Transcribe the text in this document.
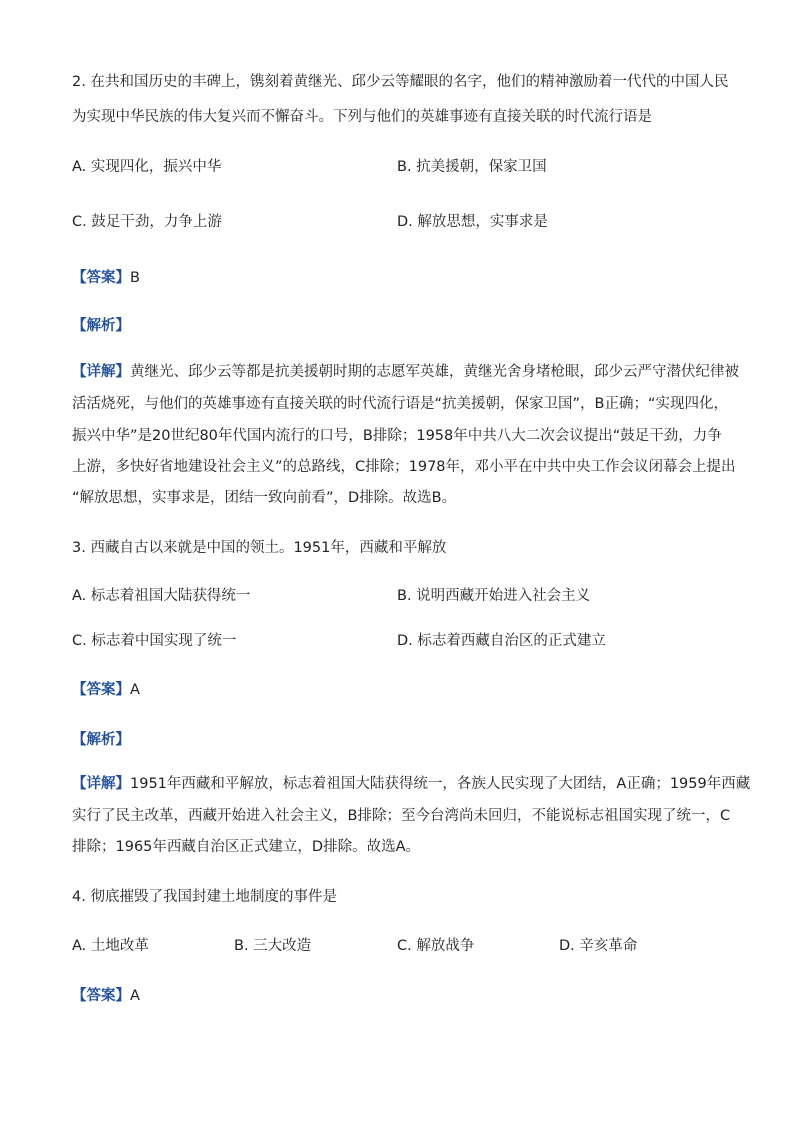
2. 在共和国历史的丰碑上，镌刻着黄继光、邱少云等耀眼的名字，他们的精神激励着一代代的中国人民
为实现中华民族的伟大复兴而不懈奋斗。下列与他们的英雄事迹有直接关联的时代流行语是
A. 实现四化，振兴中华	B. 抗美援朝，保家卫国
C. 鼓足干劲，力争上游	D. 解放思想，实事求是
【答案】B
【解析】
【详解】黄继光、邱少云等都是抗美援朝时期的志愿军英雄，黄继光舍身堵枪眼，邱少云严守潜伏纪律被
活活烧死，与他们的英雄事迹有直接关联的时代流行语是“抗美援朝，保家卫国”，B正确；“实现四化，
振兴中华”是20世纪80年代国内流行的口号，B排除；1958年中共八大二次会议提出“鼓足干劲，力争
上游，多快好省地建设社会主义”的总路线，C排除；1978年，邓小平在中共中央工作会议闭幕会上提出
“解放思想，实事求是，团结一致向前看”，D排除。故选B。
3. 西藏自古以来就是中国的领土。1951年，西藏和平解放
A. 标志着祖国大陆获得统一	B. 说明西藏开始进入社会主义
C. 标志着中国实现了统一	D. 标志着西藏自治区的正式建立
【答案】A
【解析】
【详解】1951年西藏和平解放，标志着祖国大陆获得统一，各族人民实现了大团结，A正确；1959年西藏
实行了民主改革，西藏开始进入社会主义，B排除；至今台湾尚未回归，不能说标志祖国实现了统一，C
排除；1965年西藏自治区正式建立，D排除。故选A。
4. 彻底摧毁了我国封建土地制度的事件是
A. 土地改革	B. 三大改造	C. 解放战争	D. 辛亥革命
【答案】A
